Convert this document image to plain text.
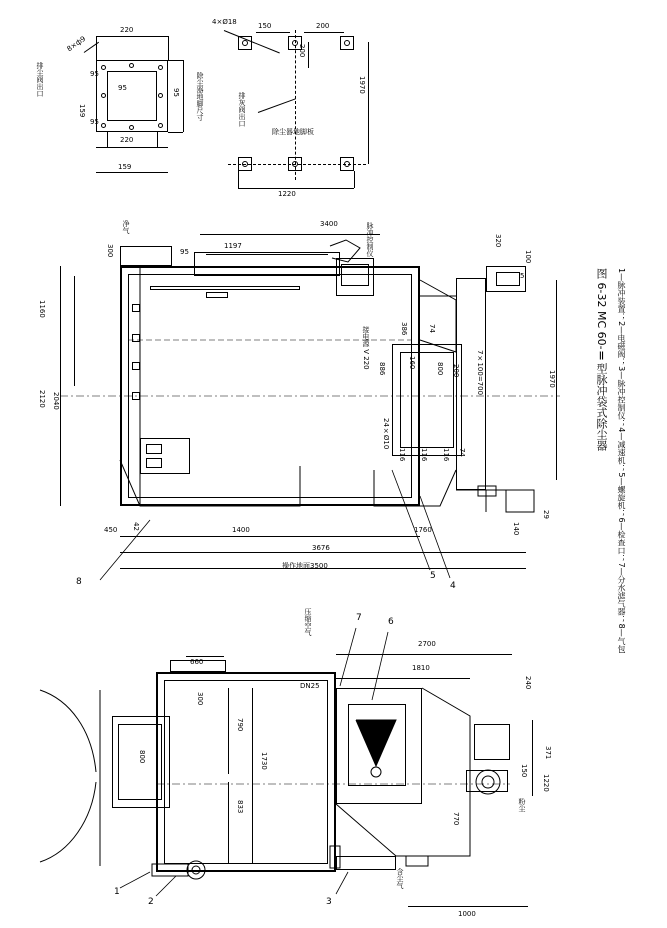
排尘阀出口
8×ф9
220
95
95	95
159
95
220
159
除尘器地脚尺寸
4×Ø18	150	200
200
1970
排灰阀出口
除尘器地脚板
1220
净气
300	95
1197
3400	脉冲控制仪	320
100
5
1160
2120 2040
1970
接电源 V 220	386	74
886	160	800 200 7×100=700
24×Ø10
116 116 116 74
450 42	1400	1760	140
29
3676
操作地面3500
8
5
4
压缩空气	7	6
2700
1810
660
300
DN25	240
800
790
1730
833
371
150
1220
粉尘
770
含尘气
1000
1
2	3
图 6-32 MC 60-Ⅱ型脉冲袋式除尘器 1—脉冲装置；2—电磁阀；3—脉冲控制仪；4—减速机；5—螺旋机；6—检查口；7—分水滤气器；8—气包
